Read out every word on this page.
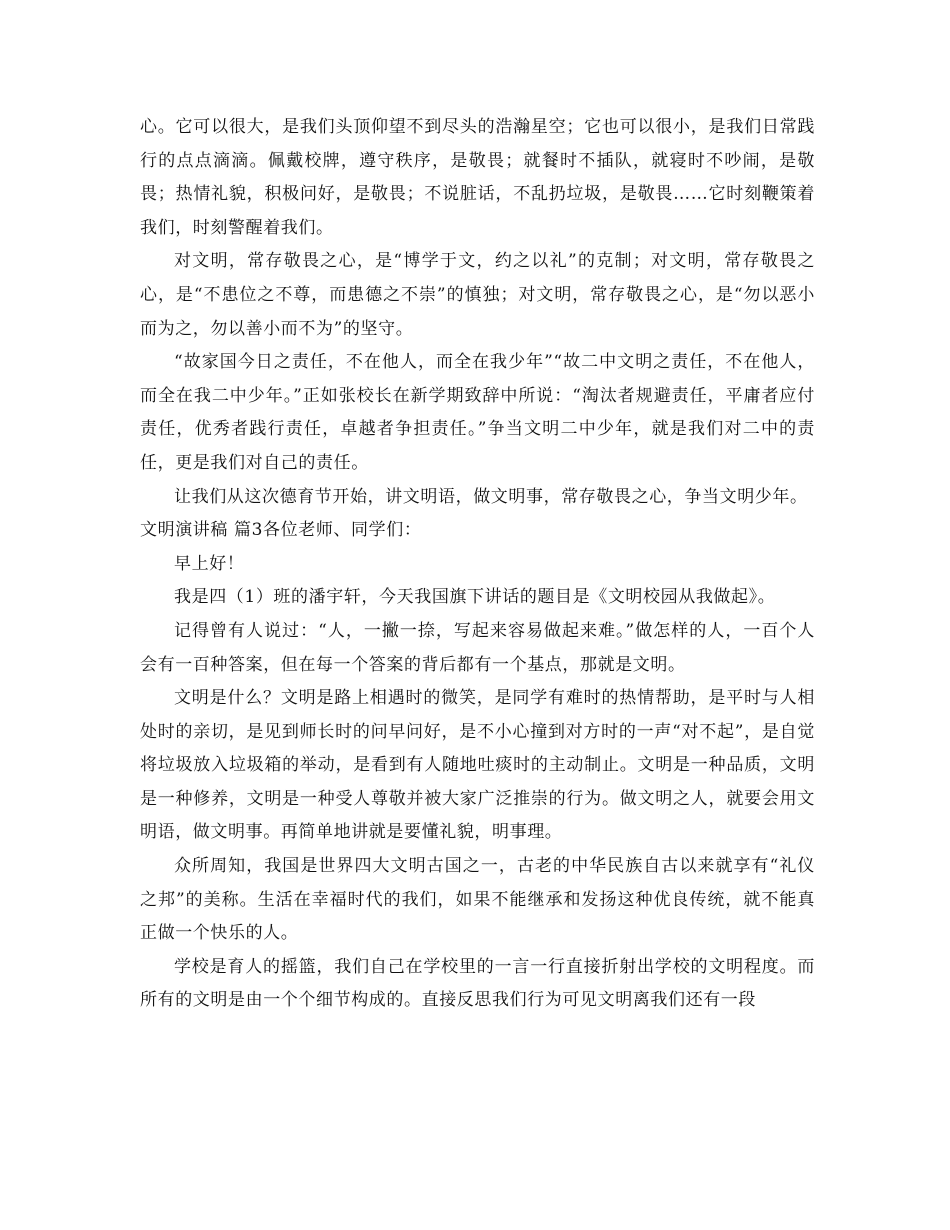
心。它可以很大，是我们头顶仰望不到尽头的浩瀚星空；它也可以很小，是我们日常践行的点点滴滴。佩戴校牌，遵守秩序，是敬畏；就餐时不插队，就寝时不吵闹，是敬畏；热情礼貌，积极问好，是敬畏；不说脏话，不乱扔垃圾，是敬畏……它时刻鞭策着我们，时刻警醒着我们。

对文明，常存敬畏之心，是“博学于文，约之以礼”的克制；对文明，常存敬畏之心，是“不患位之不尊，而患德之不崇”的慎独；对文明，常存敬畏之心，是“勿以恶小而为之，勿以善小而不为”的坚守。

“故家国今日之责任，不在他人，而全在我少年”“故二中文明之责任，不在他人，而全在我二中少年。”正如张校长在新学期致辞中所说：“淘汰者规避责任，平庸者应付责任，优秀者践行责任，卓越者争担责任。”争当文明二中少年，就是我们对二中的责任，更是我们对自己的责任。

让我们从这次德育节开始，讲文明语，做文明事，常存敬畏之心，争当文明少年。

文明演讲稿 篇3各位老师、同学们：

早上好！

我是四（1）班的潘宇轩，今天我国旗下讲话的题目是《文明校园从我做起》。

记得曾有人说过：“人，一撇一捺，写起来容易做起来难。”做怎样的人，一百个人会有一百种答案，但在每一个答案的背后都有一个基点，那就是文明。

文明是什么？文明是路上相遇时的微笑，是同学有难时的热情帮助，是平时与人相处时的亲切，是见到师长时的问早问好，是不小心撞到对方时的一声“对不起”，是自觉将垃圾放入垃圾箱的举动，是看到有人随地吐痰时的主动制止。文明是一种品质，文明是一种修养，文明是一种受人尊敬并被大家广泛推崇的行为。做文明之人，就要会用文明语，做文明事。再简单地讲就是要懂礼貌，明事理。

众所周知，我国是世界四大文明古国之一，古老的中华民族自古以来就享有“礼仪之邦”的美称。生活在幸福时代的我们，如果不能继承和发扬这种优良传统，就不能真正做一个快乐的人。

学校是育人的摇篮，我们自己在学校里的一言一行直接折射出学校的文明程度。而所有的文明是由一个个细节构成的。直接反思我们行为可见文明离我们还有一段
